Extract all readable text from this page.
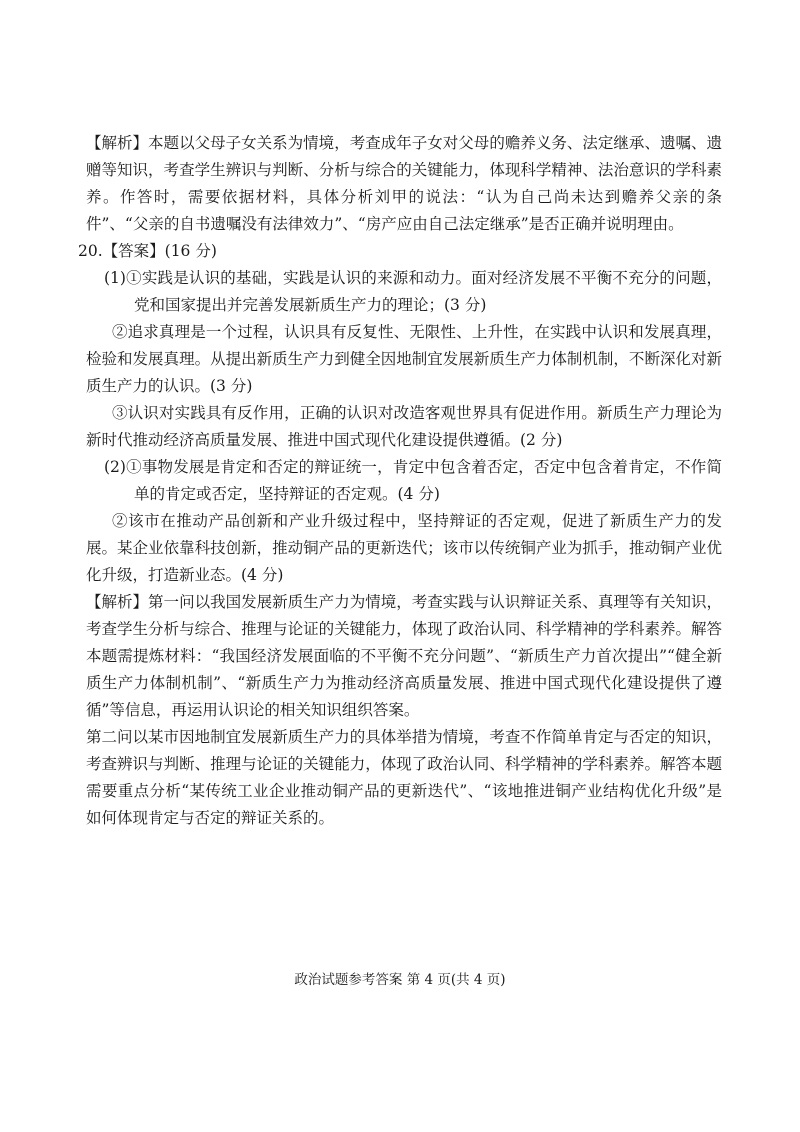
【解析】本题以父母子女关系为情境，考查成年子女对父母的赡养义务、法定继承、遗嘱、遗赠等知识，考查学生辨识与判断、分析与综合的关键能力，体现科学精神、法治意识的学科素养。作答时，需要依据材料，具体分析刘甲的说法：“认为自己尚未达到赡养父亲的条件”、“父亲的自书遗嘱没有法律效力”、“房产应由自己法定继承”是否正确并说明理由。

20.【答案】(16 分)

(1)①实践是认识的基础，实践是认识的来源和动力。面对经济发展不平衡不充分的问题，党和国家提出并完善发展新质生产力的理论；(3 分)

②追求真理是一个过程，认识具有反复性、无限性、上升性，在实践中认识和发展真理，检验和发展真理。从提出新质生产力到健全因地制宜发展新质生产力体制机制，不断深化对新质生产力的认识。(3 分)

③认识对实践具有反作用，正确的认识对改造客观世界具有促进作用。新质生产力理论为新时代推动经济高质量发展、推进中国式现代化建设提供遵循。(2 分)

(2)①事物发展是肯定和否定的辩证统一，肯定中包含着否定，否定中包含着肯定，不作简单的肯定或否定，坚持辩证的否定观。(4 分)

②该市在推动产品创新和产业升级过程中，坚持辩证的否定观，促进了新质生产力的发展。某企业依靠科技创新，推动铜产品的更新迭代；该市以传统铜产业为抓手，推动铜产业优化升级，打造新业态。(4 分)

【解析】第一问以我国发展新质生产力为情境，考查实践与认识辩证关系、真理等有关知识，考查学生分析与综合、推理与论证的关键能力，体现了政治认同、科学精神的学科素养。解答本题需提炼材料：“我国经济发展面临的不平衡不充分问题”、“新质生产力首次提出”“健全新质生产力体制机制”、“新质生产力为推动经济高质量发展、推进中国式现代化建设提供了遵循”等信息，再运用认识论的相关知识组织答案。

第二问以某市因地制宜发展新质生产力的具体举措为情境，考查不作简单肯定与否定的知识，考查辨识与判断、推理与论证的关键能力，体现了政治认同、科学精神的学科素养。解答本题需要重点分析“某传统工业企业推动铜产品的更新迭代”、“该地推进铜产业结构优化升级”是如何体现肯定与否定的辩证关系的。

政治试题参考答案 第 4 页(共 4 页)
